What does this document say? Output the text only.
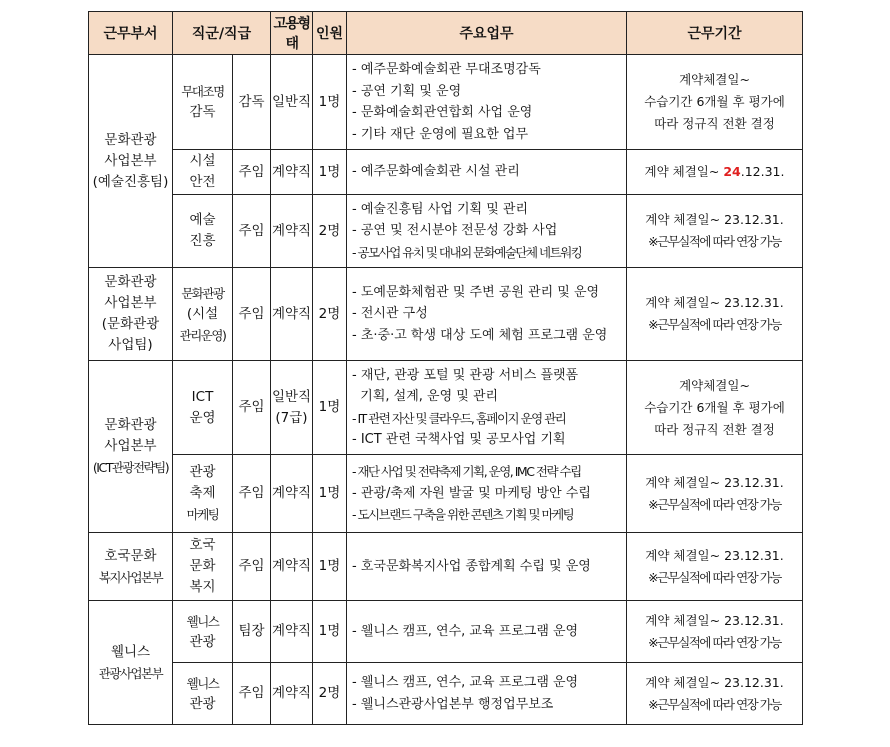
근무부서	직군/직급		고용형태	인원	주요업무	근무기간

문화관광
사업본부
(예술진흥팀)	무대조명
감독	감독	일반직	1명	- 예주문화예술회관 무대조명감독
- 공연 기획 및 운영
- 문화예술회관연합회 사업 운영
- 기타 재단 운영에 필요한 업무	계약체결일~
수습기간 6개월 후 평가에
따라 정규직 전환 결정

	시설
안전	주임	계약직	1명	- 예주문화예술회관 시설 관리	계약 체결일~ 24.12.31.

	예술
진흥	주임	계약직	2명	- 예술진흥팀 사업 기획 및 관리
- 공연 및 전시분야 전문성 강화 사업
- 공모사업 유치 및 대내외 문화예술단체 네트워킹	계약 체결일~ 23.12.31.
※근무실적에 따라 연장 가능

문화관광
사업본부
(문화관광
사업팀)	문화관광
(시설
관리운영)	주임	계약직	2명	- 도예문화체험관 및 주변 공원 관리 및 운영
- 전시관 구성
- 초·중·고 학생 대상 도예 체험 프로그램 운영	계약 체결일~ 23.12.31.
※근무실적에 따라 연장 가능

문화관광
사업본부
(ICT관광전략팀)	ICT
운영	주임	일반직
(7급)	1명	- 재단, 관광 포털 및 관광 서비스 플랫폼
기획, 설계, 운영 및 관리
- IT 관련 자산 및 클라우드, 홈페이지 운영 관리
- ICT 관련 국책사업 및 공모사업 기획	계약체결일~
수습기간 6개월 후 평가에
따라 정규직 전환 결정

	관광
축제
마케팅	주임	계약직	1명	- 재단 사업 및 전략축제 기획, 운영, IMC 전략 수립
- 관광/축제 자원 발굴 및 마케팅 방안 수립
- 도시브랜드 구축을 위한 콘텐츠 기획 및 마케팅	계약 체결일~ 23.12.31.
※근무실적에 따라 연장 가능

호국문화
복지사업본부	호국
문화
복지	주임	계약직	1명	- 호국문화복지사업 종합계획 수립 및 운영	계약 체결일~ 23.12.31.
※근무실적에 따라 연장 가능

웰니스
관광사업본부	웰니스
관광	팀장	계약직	1명	- 웰니스 캠프, 연수, 교육 프로그램 운영	계약 체결일~ 23.12.31.
※근무실적에 따라 연장 가능

	웰니스
관광	주임	계약직	2명	- 웰니스 캠프, 연수, 교육 프로그램 운영
- 웰니스관광사업본부 행정업무보조	계약 체결일~ 23.12.31.
※근무실적에 따라 연장 가능
